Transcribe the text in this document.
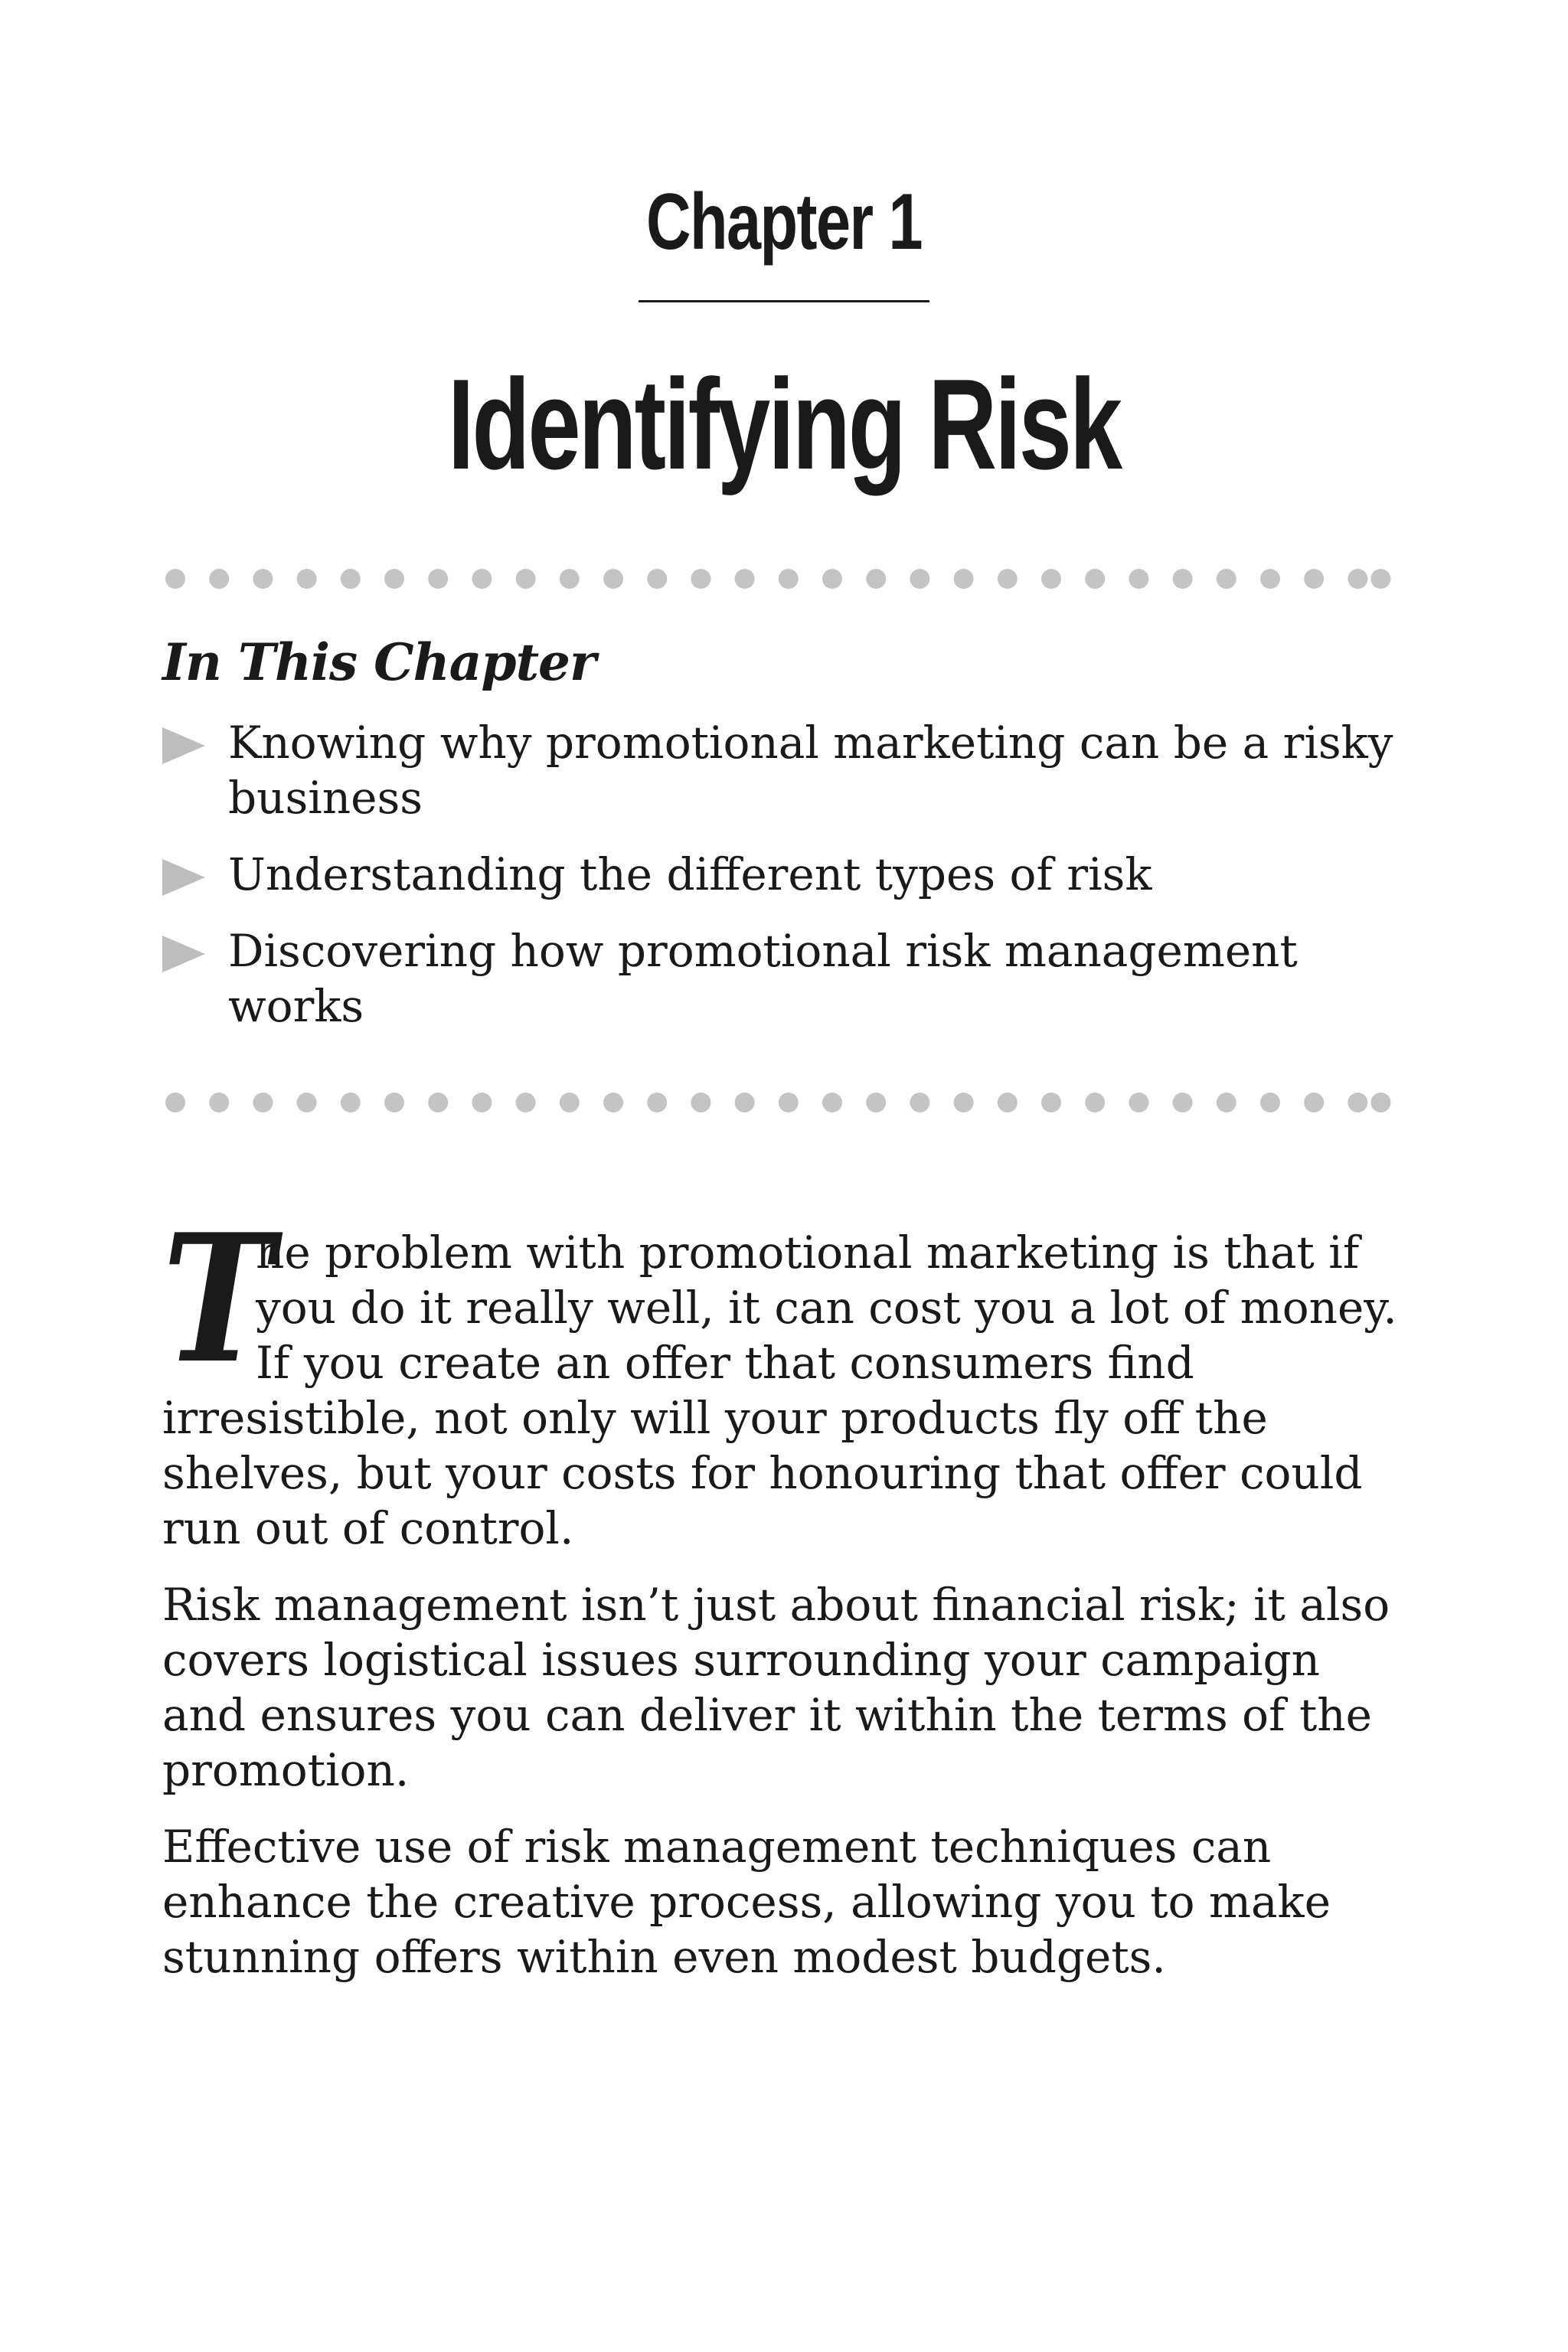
Chapter 1
Identifying Risk
In This Chapter
Knowing why promotional marketing can be a risky business
Understanding the different types of risk
Discovering how promotional risk management works

T
he problem with promotional marketing is that if you do it really well, it can cost you a lot of money. If you create an offer that consumers find irresistible, not only will your products fly off the shelves, but your costs for honouring that offer could run out of control.

Risk management isn’t just about financial risk; it also covers logistical issues surrounding your campaign and ensures you can deliver it within the terms of the promotion.

Effective use of risk management techniques can enhance the creative process, allowing you to make stunning offers within even modest budgets.
